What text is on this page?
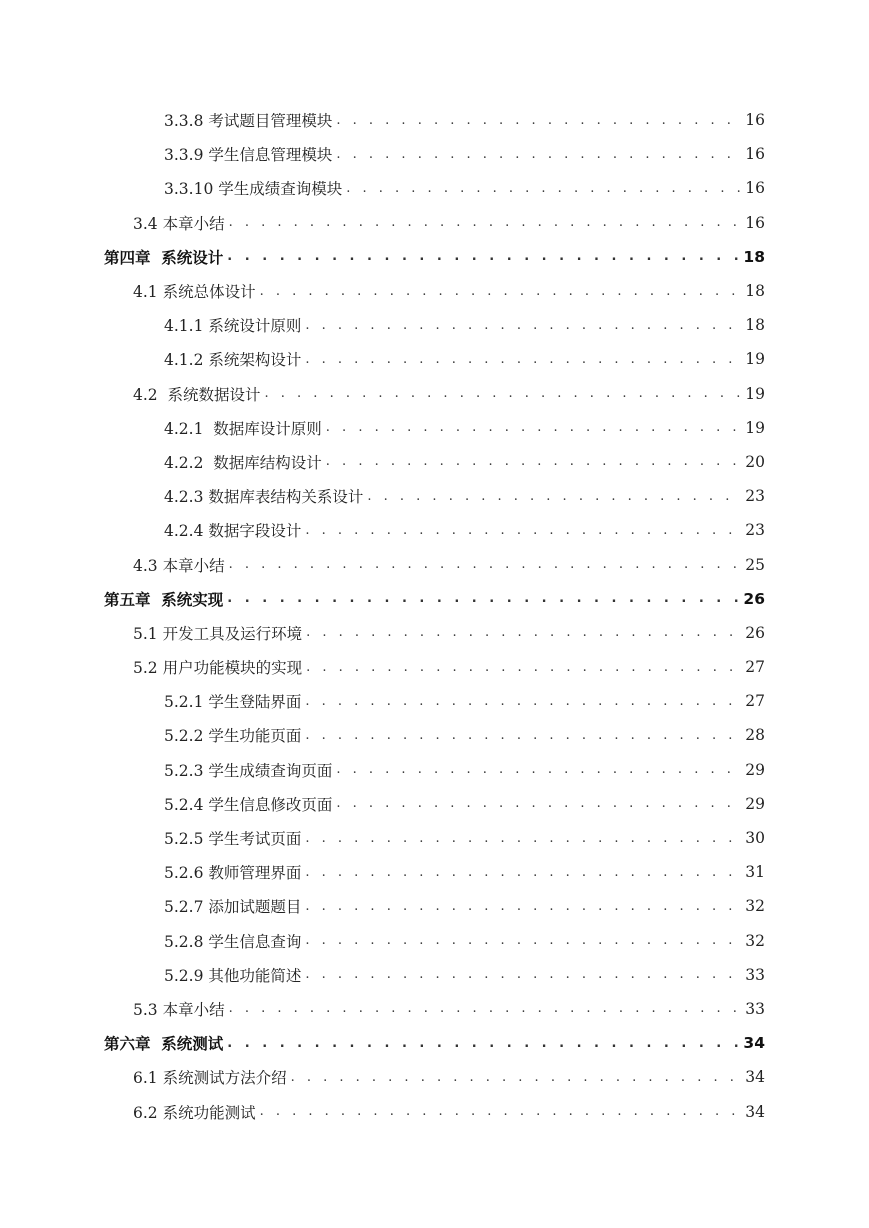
3.3.8 考试题目管理模块 . . .	16
3.3.9 学生信息管理模块 . . .	16
3.3.10 学生成绩查询模块 . . .	16
3.4 本章小结 . . .	16
第四章  系统设计 . . .	18
4.1 系统总体设计 . . .	18
4.1.1 系统设计原则 . . .	18
4.1.2 系统架构设计 . . .	19
4.2  系统数据设计 . . .	19
4.2.1  数据库设计原则 . . .	19
4.2.2  数据库结构设计 . . .	20
4.2.3 数据库表结构关系设计 . . .	23
4.2.4 数据字段设计 . . .	23
4.3 本章小结 . . .	25
第五章  系统实现 . . .	26
5.1 开发工具及运行环境 . . .	26
5.2 用户功能模块的实现 . . .	27
5.2.1 学生登陆界面 . . .	27
5.2.2 学生功能页面 . . .	28
5.2.3 学生成绩查询页面 . . .	29
5.2.4 学生信息修改页面 . . .	29
5.2.5 学生考试页面 . . .	30
5.2.6 教师管理界面 . . .	31
5.2.7 添加试题题目 . . .	32
5.2.8 学生信息查询 . . .	32
5.2.9 其他功能简述 . . .	33
5.3 本章小结 . . .	33
第六章  系统测试 . . .	34
6.1 系统测试方法介绍 . . .	34
6.2 系统功能测试 . . .	34
